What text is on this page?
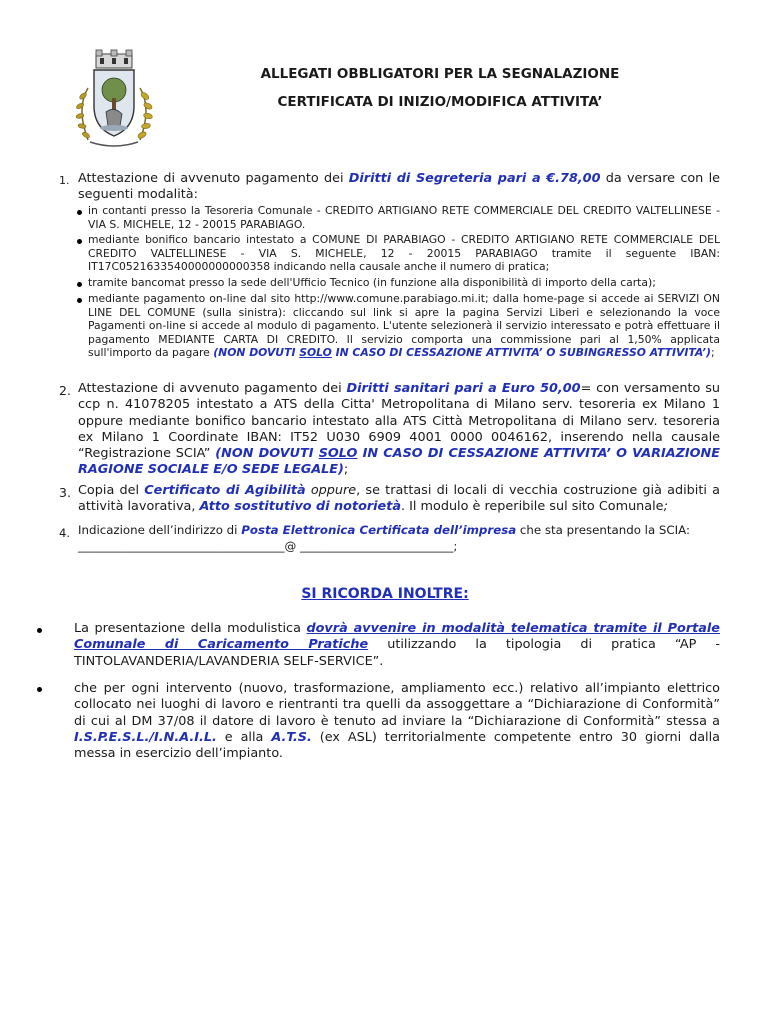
ALLEGATI OBBLIGATORI PER LA SEGNALAZIONE
CERTIFICATA DI INIZIO/MODIFICA ATTIVITA’
1. Attestazione di avvenuto pagamento dei Diritti di Segreteria pari a €.78,00 da versare con le seguenti modalità:
in contanti presso la Tesoreria Comunale - CREDITO ARTIGIANO RETE COMMERCIALE DEL CREDITO VALTELLINESE - VIA S. MICHELE, 12 - 20015 PARABIAGO.
mediante bonifico bancario intestato a COMUNE DI PARABIAGO - CREDITO ARTIGIANO RETE COMMERCIALE DEL CREDITO VALTELLINESE - VIA S. MICHELE, 12 - 20015 PARABIAGO tramite il seguente IBAN: IT17C0521633540000000000358 indicando nella causale anche il numero di pratica;
tramite bancomat presso la sede dell'Ufficio Tecnico (in funzione alla disponibilità di importo della carta);
mediante pagamento on-line dal sito http://www.comune.parabiago.mi.it; dalla home-page si accede ai SERVIZI ON LINE DEL COMUNE (sulla sinistra): cliccando sul link si apre la pagina Servizi Liberi e selezionando la voce Pagamenti on-line si accede al modulo di pagamento. L'utente selezionerà il servizio interessato e potrà effettuare il pagamento MEDIANTE CARTA DI CREDITO. Il servizio comporta una commissione pari al 1,50% applicata sull'importo da pagare (NON DOVUTI SOLO IN CASO DI CESSAZIONE ATTIVITA’ O SUBINGRESSO ATTIVITA’);
2. Attestazione di avvenuto pagamento dei Diritti sanitari pari a Euro 50,00= con versamento su ccp n. 41078205 intestato a ATS della Citta' Metropolitana di Milano serv. tesoreria ex Milano 1 oppure mediante bonifico bancario intestato alla ATS Città Metropolitana di Milano serv. tesoreria ex Milano 1 Coordinate IBAN: IT52 U030 6909 4001 0000 0046162, inserendo nella causale “Registrazione SCIA” (NON DOVUTI SOLO IN CASO DI CESSAZIONE ATTIVITA’ O VARIAZIONE RAGIONE SOCIALE E/O SEDE LEGALE);
3. Copia del Certificato di Agibilità oppure, se trattasi di locali di vecchia costruzione già adibiti a attività lavorativa, Atto sostitutivo di notorietà. Il modulo è reperibile sul sito Comunale;
4. Indicazione dell’indirizzo di Posta Elettronica Certificata dell’impresa che sta presentando la SCIA:
___________________________________@ __________________________;
SI RICORDA INOLTRE:
La presentazione della modulistica dovrà avvenire in modalità telematica tramite il Portale Comunale di Caricamento Pratiche utilizzando la tipologia di pratica “AP - TINTOLAVANDERIA/LAVANDERIA SELF-SERVICE”.
che per ogni intervento (nuovo, trasformazione, ampliamento ecc.) relativo all’impianto elettrico collocato nei luoghi di lavoro e rientranti tra quelli da assoggettare a “Dichiarazione di Conformità” di cui al DM 37/08 il datore di lavoro è tenuto ad inviare la “Dichiarazione di Conformità” stessa a I.S.P.E.S.L./I.N.A.I.L. e alla A.T.S. (ex ASL) territorialmente competente entro 30 giorni dalla messa in esercizio dell’impianto.
